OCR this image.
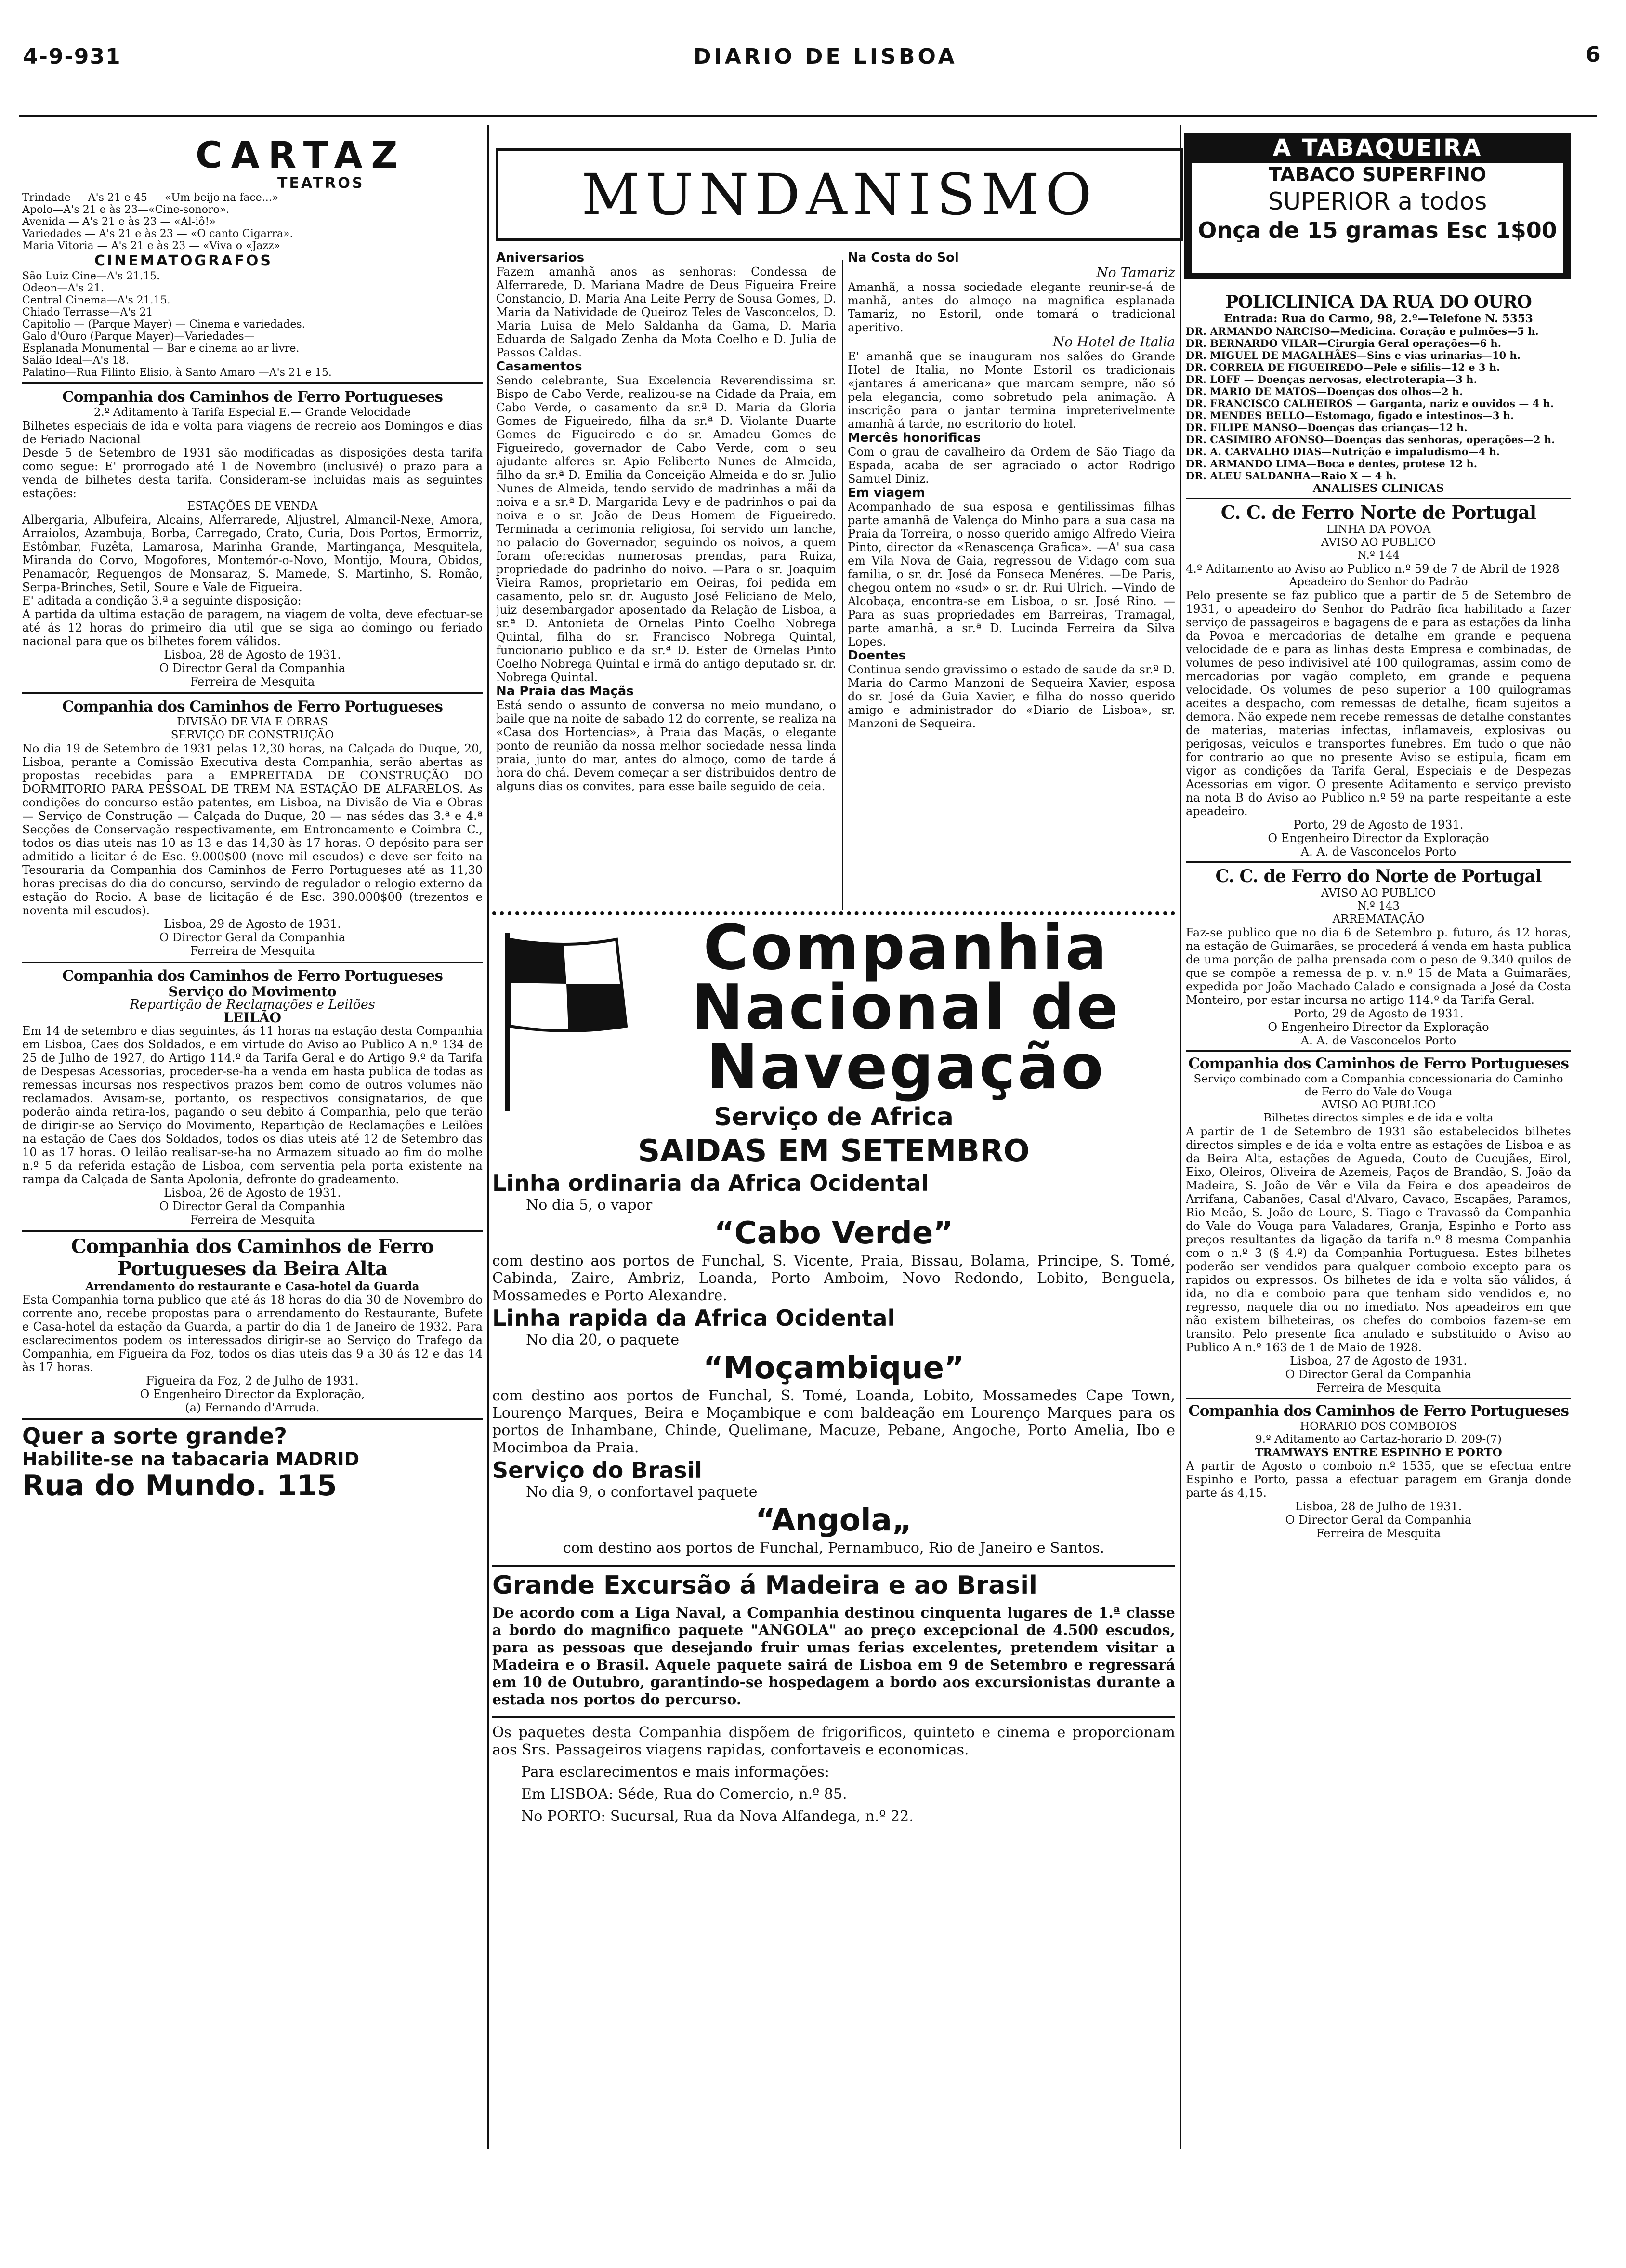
4-9-931	DIARIO DE LISBOA	6
CARTAZ
TEATROS

Trindade — A's 21 e 45 — «Um beijo na face...»

Apolo—A's 21 e às 23—«Cine-sonoro».

Avenida — A's 21 e às 23 — «Al-iô!»

Variedades — A's 21 e às 23 — «O canto Cigarra».

Maria Vitoria — A's 21 e às 23 — «Viva o «Jazz»

CINEMATOGRAFOS

São Luiz Cine—A's 21.15.

Odeon—A's 21.

Central Cinema—A's 21.15.

Chiado Terrasse—A's 21

Capitolio — (Parque Mayer) — Cinema e variedades.

Galo d'Ouro (Parque Mayer)—Variedades—

Esplanada Monumental — Bar e cinema ao ar livre.

Salão Ideal—A's 18.

Palatino—Rua Filinto Elisio, à Santo Amaro —A's 21 e 15.

Companhia dos Caminhos de Ferro Portugueses
2.º Aditamento à Tarifa Especial E.— Grande Velocidade

Bilhetes especiais de ida e volta para viagens de recreio aos Domingos e dias de Feriado Nacional

Desde 5 de Setembro de 1931 são modificadas as disposições desta tarifa como segue: E' prorrogado até 1 de Novembro (inclusivé) o prazo para a venda de bilhetes desta tarifa. Consideram-se incluidas mais as seguintes estações:

ESTAÇÕES DE VENDA

Albergaria, Albufeira, Alcains, Alferrarede, Aljustrel, Almancil-Nexe, Amora, Arraiolos, Azambuja, Borba, Carregado, Crato, Curia, Dois Portos, Ermorriz, Estômbar, Fuzêta, Lamarosa, Marinha Grande, Martingança, Mesquitela, Miranda do Corvo, Mogofores, Montemór-o-Novo, Montijo, Moura, Obidos, Penamacôr, Reguengos de Monsaraz, S. Mamede, S. Martinho, S. Romão, Serpa-Brinches, Setil, Soure e Vale de Figueira.

E' aditada a condição 3.ª a seguinte disposição:

A partida da ultima estação de paragem, na viagem de volta, deve efectuar-se até ás 12 horas do primeiro dia util que se siga ao domingo ou feriado nacional para que os bilhetes forem válidos.

Lisboa, 28 de Agosto de 1931.

O Director Geral da Companhia

Ferreira de Mesquita

Companhia dos Caminhos de Ferro Portugueses
DIVISÃO DE VIA E OBRAS
SERVIÇO DE CONSTRUÇÃO

No dia 19 de Setembro de 1931 pelas 12,30 horas, na Calçada do Duque, 20, Lisboa, perante a Comissão Executiva desta Companhia, serão abertas as propostas recebidas para a EMPREITADA DE CONSTRUÇÃO DO DORMITORIO PARA PESSOAL DE TREM NA ESTAÇÃO DE ALFARELOS. As condições do concurso estão patentes, em Lisboa, na Divisão de Via e Obras — Serviço de Construção — Calçada do Duque, 20 — nas sédes das 3.ª e 4.ª Secções de Conservação respectivamente, em Entroncamento e Coimbra C., todos os dias uteis nas 10 as 13 e das 14,30 às 17 horas. O depósito para ser admitido a licitar é de Esc. 9.000$00 (nove mil escudos) e deve ser feito na Tesouraria da Companhia dos Caminhos de Ferro Portugueses até as 11,30 horas precisas do dia do concurso, servindo de regulador o relogio externo da estação do Rocio. A base de licitação é de Esc. 390.000$00 (trezentos e noventa mil escudos).

Lisboa, 29 de Agosto de 1931.

O Director Geral da Companhia

Ferreira de Mesquita

Companhia dos Caminhos de Ferro Portugueses
Serviço do Movimento
Repartição de Reclamações e Leilões
LEILÃO

Em 14 de setembro e dias seguintes, ás 11 horas na estação desta Companhia em Lisboa, Caes dos Soldados, e em virtude do Aviso ao Publico A n.º 134 de 25 de Julho de 1927, do Artigo 114.º da Tarifa Geral e do Artigo 9.º da Tarifa de Despesas Acessorias, proceder-se-ha a venda em hasta publica de todas as remessas incursas nos respectivos prazos bem como de outros volumes não reclamados. Avisam-se, portanto, os respectivos consignatarios, de que poderão ainda retira-los, pagando o seu debito á Companhia, pelo que terão de dirigir-se ao Serviço do Movimento, Repartição de Reclamações e Leilões na estação de Caes dos Soldados, todos os dias uteis até 12 de Setembro das 10 as 17 horas. O leilão realisar-se-ha no Armazem situado ao fim do molhe n.º 5 da referida estação de Lisboa, com serventia pela porta existente na rampa da Calçada de Santa Apolonia, defronte do gradeamento.

Lisboa, 26 de Agosto de 1931.

O Director Geral da Companhia

Ferreira de Mesquita

Companhia dos Caminhos de Ferro Portugueses da Beira Alta
Arrendamento do restaurante e Casa-hotel da Guarda

Esta Companhia torna publico que até ás 18 horas do dia 30 de Novembro do corrente ano, recebe propostas para o arrendamento do Restaurante, Bufete e Casa-hotel da estação da Guarda, a partir do dia 1 de Janeiro de 1932. Para esclarecimentos podem os interessados dirigir-se ao Serviço do Trafego da Companhia, em Figueira da Foz, todos os dias uteis das 9 a 30 ás 12 e das 14 às 17 horas.

Figueira da Foz, 2 de Julho de 1931.

O Engenheiro Director da Exploração,

(a) Fernando d'Arruda.

Quer a sorte grande?
Habilite-se na tabacaria MADRID
Rua do Mundo. 115
MUNDANISMO
Aniversarios

Fazem amanhã anos as senhoras: Condessa de Alferrarede, D. Mariana Madre de Deus Figueira Freire Constancio, D. Maria Ana Leite Perry de Sousa Gomes, D. Maria da Natividade de Queiroz Teles de Vasconcelos, D. Maria Luisa de Melo Saldanha da Gama, D. Maria Eduarda de Salgado Zenha da Mota Coelho e D. Julia de Passos Caldas.

Casamentos

Sendo celebrante, Sua Excelencia Reverendissima sr. Bispo de Cabo Verde, realizou-se na Cidade da Praia, em Cabo Verde, o casamento da sr.ª D. Maria da Gloria Gomes de Figueiredo, filha da sr.ª D. Violante Duarte Gomes de Figueiredo e do sr. Amadeu Gomes de Figueiredo, governador de Cabo Verde, com o seu ajudante alferes sr. Apio Feliberto Nunes de Almeida, filho da sr.ª D. Emilia da Conceição Almeida e do sr. Julio Nunes de Almeida, tendo servido de madrinhas a mãi da noiva e a sr.ª D. Margarida Levy e de padrinhos o pai da noiva e o sr. João de Deus Homem de Figueiredo. Terminada a cerimonia religiosa, foi servido um lanche, no palacio do Governador, seguindo os noivos, a quem foram oferecidas numerosas prendas, para Ruiza, propriedade do padrinho do noivo. —Para o sr. Joaquim Vieira Ramos, proprietario em Oeiras, foi pedida em casamento, pelo sr. dr. Augusto José Feliciano de Melo, juiz desembargador aposentado da Relação de Lisboa, a sr.ª D. Antonieta de Ornelas Pinto Coelho Nobrega Quintal, filha do sr. Francisco Nobrega Quintal, funcionario publico e da sr.ª D. Ester de Ornelas Pinto Coelho Nobrega Quintal e irmã do antigo deputado sr. dr. Nobrega Quintal.

Na Praia das Maçãs

Está sendo o assunto de conversa no meio mundano, o baile que na noite de sabado 12 do corrente, se realiza na «Casa dos Hortencias», à Praia das Maçãs, o elegante ponto de reunião da nossa melhor sociedade nessa linda praia, junto do mar, antes do almoço, como de tarde á hora do chá. Devem começar a ser distribuidos dentro de alguns dias os convites, para esse baile seguido de ceia.

Na Costa do Sol
No Tamariz

Amanhã, a nossa sociedade elegante reunir-se-á de manhã, antes do almoço na magnifica esplanada Tamariz, no Estoril, onde tomará o tradicional aperitivo.

No Hotel de Italia

E' amanhã que se inauguram nos salões do Grande Hotel de Italia, no Monte Estoril os tradicionais «jantares á americana» que marcam sempre, não só pela elegancia, como sobretudo pela animação. A inscrição para o jantar termina impreterivelmente amanhã á tarde, no escritorio do hotel.

Mercês honorificas

Com o grau de cavalheiro da Ordem de São Tiago da Espada, acaba de ser agraciado o actor Rodrigo Samuel Diniz.

Em viagem

Acompanhado de sua esposa e gentilissimas filhas parte amanhã de Valença do Minho para a sua casa na Praia da Torreira, o nosso querido amigo Alfredo Vieira Pinto, director da «Renascença Grafica». —A' sua casa em Vila Nova de Gaia, regressou de Vidago com sua familia, o sr. dr. José da Fonseca Menéres. —De Paris, chegou ontem no «sud» o sr. dr. Rui Ulrich. —Vindo de Alcobaça, encontra-se em Lisboa, o sr. José Rino. —Para as suas propriedades em Barreiras, Tramagal, parte amanhã, a sr.ª D. Lucinda Ferreira da Silva Lopes.

Doentes

Continua sendo gravissimo o estado de saude da sr.ª D. Maria do Carmo Manzoni de Sequeira Xavier, esposa do sr. José da Guia Xavier, e filha do nosso querido amigo e administrador do «Diario de Lisboa», sr. Manzoni de Sequeira.

Companhia
Nacional de
Navegação
Serviço de Africa
SAIDAS EM SETEMBRO
Linha ordinaria da Africa Ocidental
No dia 5, o vapor
“Cabo Verde”

com destino aos portos de Funchal, S. Vicente, Praia, Bissau, Bolama, Principe, S. Tomé, Cabinda, Zaire, Ambriz, Loanda, Porto Amboim, Novo Redondo, Lobito, Benguela, Mossamedes e Porto Alexandre.

Linha rapida da Africa Ocidental
No dia 20, o paquete
“Moçambique”

com destino aos portos de Funchal, S. Tomé, Loanda, Lobito, Mossamedes Cape Town, Lourenço Marques, Beira e Moçambique e com baldeação em Lourenço Marques para os portos de Inhambane, Chinde, Quelimane, Macuze, Pebane, Angoche, Porto Amelia, Ibo e Mocimboa da Praia.

Serviço do Brasil
No dia 9, o confortavel paquete
“Angola„

com destino aos portos de Funchal, Pernambuco, Rio de Janeiro e Santos.

Grande Excursão á Madeira e ao Brasil

De acordo com a Liga Naval, a Companhia destinou cinquenta lugares de 1.ª classe a bordo do magnifico paquete "ANGOLA" ao preço excepcional de 4.500 escudos, para as pessoas que desejando fruir umas ferias excelentes, pretendem visitar a Madeira e o Brasil. Aquele paquete sairá de Lisboa em 9 de Setembro e regressará em 10 de Outubro, garantindo-se hospedagem a bordo aos excursionistas durante a estada nos portos do percurso.

Os paquetes desta Companhia dispõem de frigorificos, quinteto e cinema e proporcionam aos Srs. Passageiros viagens rapidas, confortaveis e economicas.

Para esclarecimentos e mais informações:

Em LISBOA: Séde, Rua do Comercio, n.º 85.

No PORTO: Sucursal, Rua da Nova Alfandega, n.º 22.

A TABAQUEIRA
TABACO SUPERFINO
SUPERIOR a todos
Onça de 15 gramas Esc 1$00
POLICLINICA DA RUA DO OURO
Entrada: Rua do Carmo, 98, 2.º—Telefone N. 5353

DR. ARMANDO NARCISO—Medicina. Coração e pulmões—5 h.

DR. BERNARDO VILAR—Cirurgia Geral operações—6 h.

DR. MIGUEL DE MAGALHÃES—Sins e vias urinarias—10 h.

DR. CORREIA DE FIGUEIREDO—Pele e sifilis—12 e 3 h.

DR. LOFF — Doenças nervosas, electroterapia—3 h.

DR. MARIO DE MATOS—Doenças dos olhos—2 h.

DR. FRANCISCO CALHEIROS — Garganta, nariz e ouvidos — 4 h.

DR. MENDES BELLO—Estomago, figado e intestinos—3 h.

DR. FILIPE MANSO—Doenças das crianças—12 h.

DR. CASIMIRO AFONSO—Doenças das senhoras, operações—2 h.

DR. A. CARVALHO DIAS—Nutrição e impaludismo—4 h.

DR. ARMANDO LIMA—Boca e dentes, protese 12 h.

DR. ALEU SALDANHA—Raio X — 4 h.

ANALISES CLINICAS
C. C. de Ferro Norte de Portugal
LINHA DA POVOA
AVISO AO PUBLICO
N.º 144

4.º Aditamento ao Aviso ao Publico n.º 59 de 7 de Abril de 1928

Apeadeiro do Senhor do Padrão

Pelo presente se faz publico que a partir de 5 de Setembro de 1931, o apeadeiro do Senhor do Padrão fica habilitado a fazer serviço de passageiros e bagagens de e para as estações da linha da Povoa e mercadorias de detalhe em grande e pequena velocidade de e para as linhas desta Empresa e combinadas, de volumes de peso indivisivel até 100 quilogramas, assim como de mercadorias por vagão completo, em grande e pequena velocidade. Os volumes de peso superior a 100 quilogramas aceites a despacho, com remessas de detalhe, ficam sujeitos a demora. Não expede nem recebe remessas de detalhe constantes de materias, materias infectas, inflamaveis, explosivas ou perigosas, veiculos e transportes funebres. Em tudo o que não for contrario ao que no presente Aviso se estipula, ficam em vigor as condições da Tarifa Geral, Especiais e de Despezas Acessorias em vigor. O presente Aditamento e serviço previsto na nota B do Aviso ao Publico n.º 59 na parte respeitante a este apeadeiro.

Porto, 29 de Agosto de 1931.

O Engenheiro Director da Exploração

A. A. de Vasconcelos Porto

C. C. de Ferro do Norte de Portugal
AVISO AO PUBLICO
N.º 143
ARREMATAÇÃO

Faz-se publico que no dia 6 de Setembro p. futuro, ás 12 horas, na estação de Guimarães, se procederá á venda em hasta publica de uma porção de palha prensada com o peso de 9.340 quilos de que se compõe a remessa de p. v. n.º 15 de Mata a Guimarães, expedida por João Machado Calado e consignada a José da Costa Monteiro, por estar incursa no artigo 114.º da Tarifa Geral.

Porto, 29 de Agosto de 1931.

O Engenheiro Director da Exploração

A. A. de Vasconcelos Porto

Companhia dos Caminhos de Ferro Portugueses
Serviço combinado com a Companhia concessionaria do Caminho de Ferro do Vale do Vouga
AVISO AO PUBLICO
Bilhetes directos simples e de ida e volta

A partir de 1 de Setembro de 1931 são estabelecidos bilhetes directos simples e de ida e volta entre as estações de Lisboa e as da Beira Alta, estações de Agueda, Couto de Cucujães, Eirol, Eixo, Oleiros, Oliveira de Azemeis, Paços de Brandão, S. João da Madeira, S. João de Vêr e Vila da Feira e dos apeadeiros de Arrifana, Cabanões, Casal d'Alvaro, Cavaco, Escapães, Paramos, Rio Meão, S. João de Loure, S. Tiago e Travassô da Companhia do Vale do Vouga para Valadares, Granja, Espinho e Porto ass preços resultantes da ligação da tarifa n.º 8 mesma Companhia com o n.º 3 (§ 4.º) da Companhia Portuguesa. Estes bilhetes poderão ser vendidos para qualquer comboio excepto para os rapidos ou expressos. Os bilhetes de ida e volta são válidos, á ida, no dia e comboio para que tenham sido vendidos e, no regresso, naquele dia ou no imediato. Nos apeadeiros em que não existem bilheteiras, os chefes do comboios fazem-se em transito. Pelo presente fica anulado e substituido o Aviso ao Publico A n.º 163 de 1 de Maio de 1928.

Lisboa, 27 de Agosto de 1931.

O Director Geral da Companhia

Ferreira de Mesquita

Companhia dos Caminhos de Ferro Portugueses
HORARIO DOS COMBOIOS
9.º Aditamento ao Cartaz-horario D. 209-(7)
TRAMWAYS ENTRE ESPINHO E PORTO

A partir de Agosto o comboio n.º 1535, que se efectua entre Espinho e Porto, passa a efectuar paragem em Granja donde parte ás 4,15.

Lisboa, 28 de Julho de 1931.

O Director Geral da Companhia

Ferreira de Mesquita
